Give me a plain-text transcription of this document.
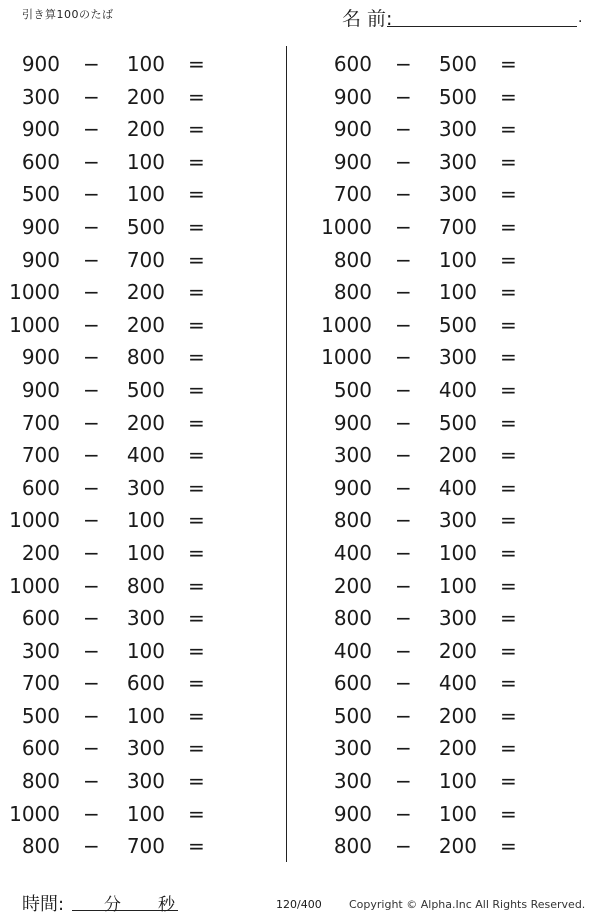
引き算100のたば	名 前:	.
900 −	100 =
300 −	200 =
900 −	200 =
600 −	100 =
500 −	100 =
900 −	500 =
900 −	700 =
1000 −	200 =
1000 −	200 =
900 −	800 =
900 −	500 =
700 −	200 =
700 −	400 =
600 −	300 =
1000 −	100 =
200 −	100 =
1000 −	800 =
600 −	300 =
300 −	100 =
700 −	600 =
500 −	100 =
600 −	300 =
800 −	300 =
1000 −	100 =
800 −	700 =
600 −	500 =
900 −	500 =
900 −	300 =
900 −	300 =
700 −	300 =
1000 −	700 =
800 −	100 =
800 −	100 =
1000 −	500 =
1000 −	300 =
500 −	400 =
900 −	500 =
300 −	200 =
900 −	400 =
800 −	300 =
400 −	100 =
200 −	100 =
800 −	300 =
400 −	200 =
600 −	400 =
500 −	200 =
300 −	200 =
300 −	100 =
900 −	100 =
800 −	200 =
時間: 分 秒	120/400 Copyright © Alpha.Inc All Rights Reserved.
